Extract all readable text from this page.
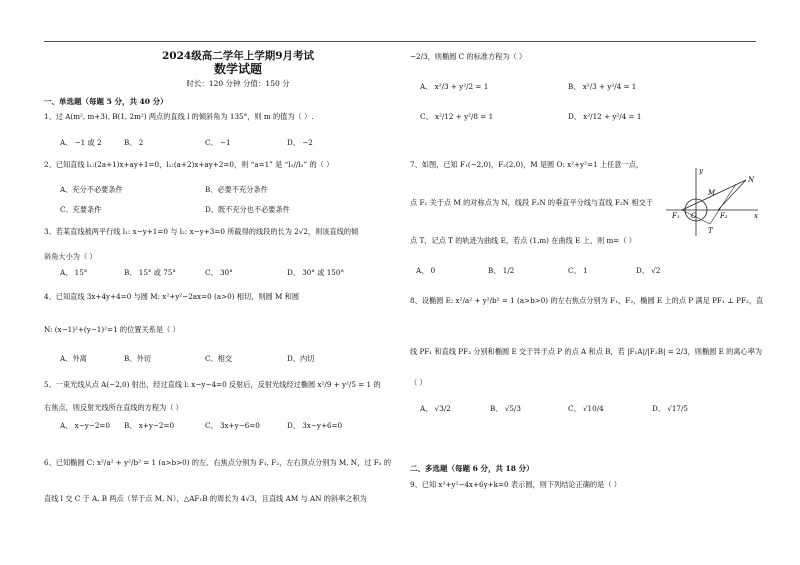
2024级高二学年上学期9月考试
数学试题
时长：120 分钟 分值：150 分
一、单选题（每题 5 分，共 40 分）
1、过 A(m², m+3), B(1, 2m²) 两点的直线 l 的倾斜角为 135°，则 m 的值为（ ）.
A、 −1 或 2	B、 2	C、 −1	D、 −2
2、已知直线 l₁:(2a+1)x+ay+1=0，l₂:(a+2)x+ay+2=0，则 “a=1” 是 “l₁//l₂” 的（ ）
A、充分不必要条件	B、必要不充分条件
C、充要条件	D、既不充分也不必要条件
3、若某直线被两平行线 l₁: x−y+1=0 与 l₂: x−y+3=0 所截得的线段的长为 2√2，则该直线的倾
斜角大小为（ ）
A、 15°	B、 15° 或 75°	C、 30°	D、 30° 或 150°
4、已知直线 3x+4y+4=0 与圆 M: x²+y²−2ax=0 (a>0) 相切，则圆 M 和圆
N: (x−1)²+(y−1)²=1 的位置关系是（ ）
A、外离	B、外切	C、相交	D、内切
5、一束光线从点 A(−2,0) 射出，经过直线 l: x−y−4=0 反射后，反射光线经过椭圆 x²/9 + y²/5 = 1 的
右焦点，则反射光线所在直线的方程为（ ）
A、 x−y−2=0 B、 x+y−2=0	C、 3x+y−6=0	D、 3x−y+6=0
6、已知椭圆 C: x²/a² + y²/b² = 1 (a>b>0) 的左、右焦点分别为 F₁, F₂，左右顶点分别为 M, N，过 F₂ 的
直线 l 交 C 于 A, B 两点（异于点 M, N），△AF₁B 的周长为 4√3，且直线 AM 与 AN 的斜率之积为
−2/3，则椭圆 C 的标准方程为（ ）
A、 x²/3 + y²/2 = 1	B、 x²/3 + y²/4 = 1
C、 x²/12 + y²/8 = 1	D、 x²/12 + y²/4 = 1
7、如图，已知 F₁(−2,0)，F₂(2,0)，M 是圆 O: x²+y²=1 上任意一点，
点 F₁ 关于点 M 的对称点为 N，线段 F₂N 的垂直平分线与直线 F₂N 相交于
点 T，记点 T 的轨迹为曲线 E，若点 (1,m) 在曲线 E 上，则 m=（ ）
A、 0	B、 1/2	C、 1	D、 √2
y
x
M
N
F₁	F₂
O
T
8、设椭圆 E: x²/a² + y²/b² = 1 (a>b>0) 的左右焦点分别为 F₁，F₂，椭圆 E 上的点 P 满足 PF₁ ⊥ PF₂，直
线 PF₁ 和直线 PF₂ 分别和椭圆 E 交于异于点 P 的点 A 和点 B，若 |F₁A|/|F₂B| = 2/3，则椭圆 E 的离心率为
（ ）
A、 √3/2	B、 √5/3	C、 √10/4	D、 √17/5
二、多选题（每题 6 分，共 18 分）
9、已知 x²+y²−4x+6y+k=0 表示圆，则下列结论正确的是（ ）
